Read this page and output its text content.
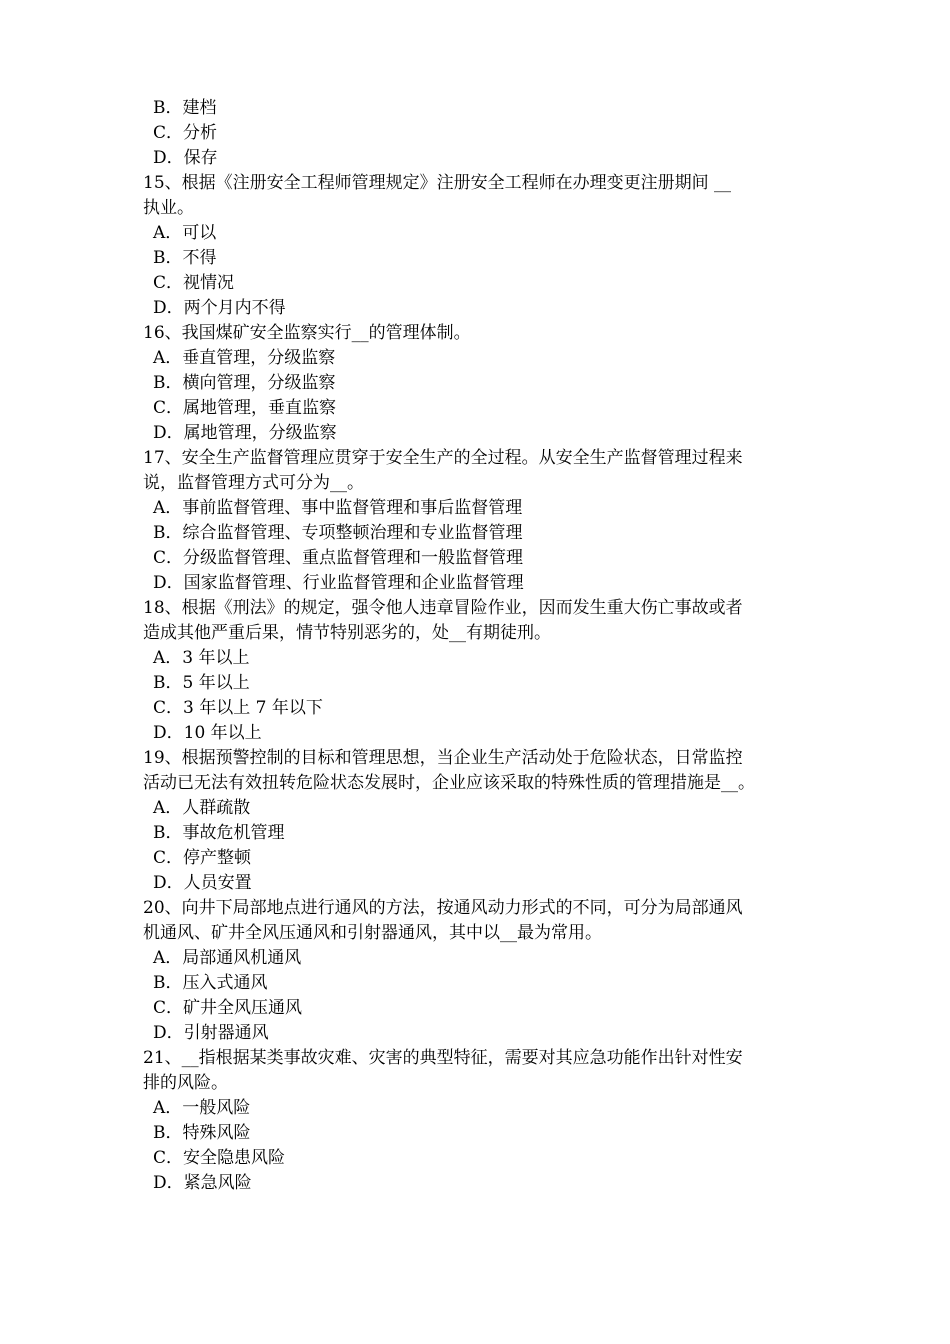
B．建档
C．分析
D．保存
15、根据《注册安全工程师管理规定》注册安全工程师在办理变更注册期间 __
执业。
A．可以
B．不得
C．视情况
D．两个月内不得
16、我国煤矿安全监察实行__的管理体制。
A．垂直管理，分级监察
B．横向管理，分级监察
C．属地管理，垂直监察
D．属地管理，分级监察
17、安全生产监督管理应贯穿于安全生产的全过程。从安全生产监督管理过程来
说，监督管理方式可分为__。
A．事前监督管理、事中监督管理和事后监督管理
B．综合监督管理、专项整顿治理和专业监督管理
C．分级监督管理、重点监督管理和一般监督管理
D．国家监督管理、行业监督管理和企业监督管理
18、根据《刑法》的规定，强令他人违章冒险作业，因而发生重大伤亡事故或者
造成其他严重后果，情节特别恶劣的，处__有期徒刑。
A．3 年以上
B．5 年以上
C．3 年以上 7 年以下
D．10 年以上
19、根据预警控制的目标和管理思想，当企业生产活动处于危险状态，日常监控
活动已无法有效扭转危险状态发展时，企业应该采取的特殊性质的管理措施是__。
A．人群疏散
B．事故危机管理
C．停产整顿
D．人员安置
20、向井下局部地点进行通风的方法，按通风动力形式的不同，可分为局部通风
机通风、矿井全风压通风和引射器通风，其中以__最为常用。
A．局部通风机通风
B．压入式通风
C．矿井全风压通风
D．引射器通风
21、__指根据某类事故灾难、灾害的典型特征，需要对其应急功能作出针对性安
排的风险。
A．一般风险
B．特殊风险
C．安全隐患风险
D．紧急风险
